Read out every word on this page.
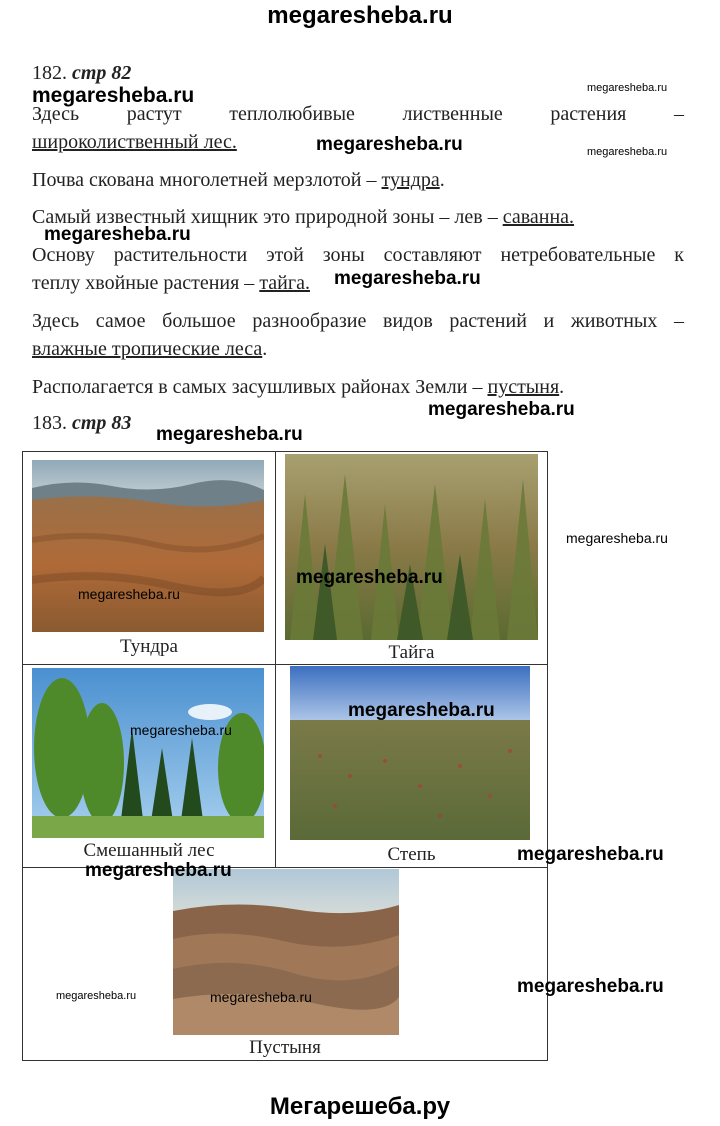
megaresheba.ru
182. стр 82
Здесь растут теплолюбивые лиственные растения –
широколиственный лес.
Почва скована многолетней мерзлотой – тундра.
Самый известный хищник это природной зоны – лев – саванна.
Основу растительности этой зоны составляют нетребовательные к
теплу хвойные растения – тайга.
Здесь самое большое разнообразие видов растений и животных –
влажные тропические леса.
Располагается в самых засушливых районах Земли – пустыня.
183. стр 83
Тундра	Тайга
Смешанный лес	Степь
Пустыня
megaresheba.ru	megaresheba.ru
megaresheba.ru	megaresheba.ru
megaresheba.ru
megaresheba.ru
megaresheba.ru
megaresheba.ru
megaresheba.ru
megaresheba.ru
megaresheba.ru
megaresheba.ru
megaresheba.ru
megaresheba.ru
megaresheba.ru
megaresheba.ru
megaresheba.ru	megaresheba.ru
Мегарешеба.ру
